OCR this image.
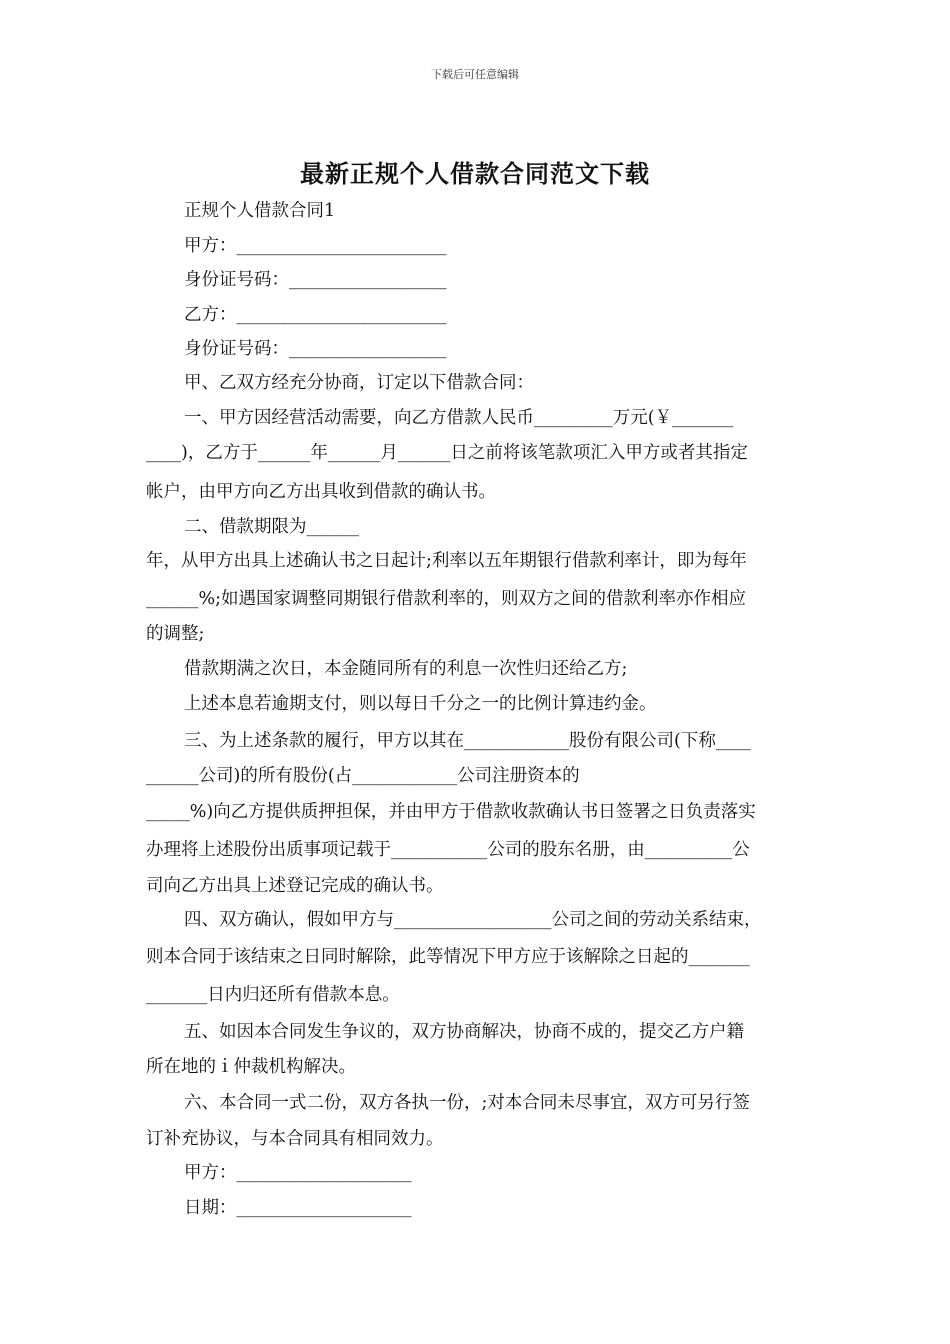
下载后可任意编辑
最新正规个人借款合同范文下载
正规个人借款合同1
甲方：________________________
身份证号码：__________________
乙方：________________________
身份证号码：__________________
甲、乙双方经充分协商，订定以下借款合同：
一、甲方因经营活动需要，向乙方借款人民币_________万元(￥_______
____)，乙方于______年______月______日之前将该笔款项汇入甲方或者其指定
帐户，由甲方向乙方出具收到借款的确认书。
二、借款期限为______
年，从甲方出具上述确认书之日起计;利率以五年期银行借款利率计，即为每年
______%;如遇国家调整同期银行借款利率的，则双方之间的借款利率亦作相应
的调整;
借款期满之次日，本金随同所有的利息一次性归还给乙方;
上述本息若逾期支付，则以每日千分之一的比例计算违约金。
三、为上述条款的履行，甲方以其在____________股份有限公司(下称____
______公司)的所有股份(占____________公司注册资本的
_____%)向乙方提供质押担保，并由甲方于借款收款确认书日签署之日负责落实
办理将上述股份出质事项记载于___________公司的股东名册，由__________公
司向乙方出具上述登记完成的确认书。
四、双方确认，假如甲方与__________________公司之间的劳动关系结束，
则本合同于该结束之日同时解除，此等情况下甲方应于该解除之日起的_______
_______日内归还所有借款本息。
五、如因本合同发生争议的，双方协商解决，协商不成的，提交乙方户籍
所在地的ｉ仲裁机构解决。
六、本合同一式二份，双方各执一份，;对本合同未尽事宜，双方可另行签
订补充协议，与本合同具有相同效力。
甲方：____________________
日期：____________________
